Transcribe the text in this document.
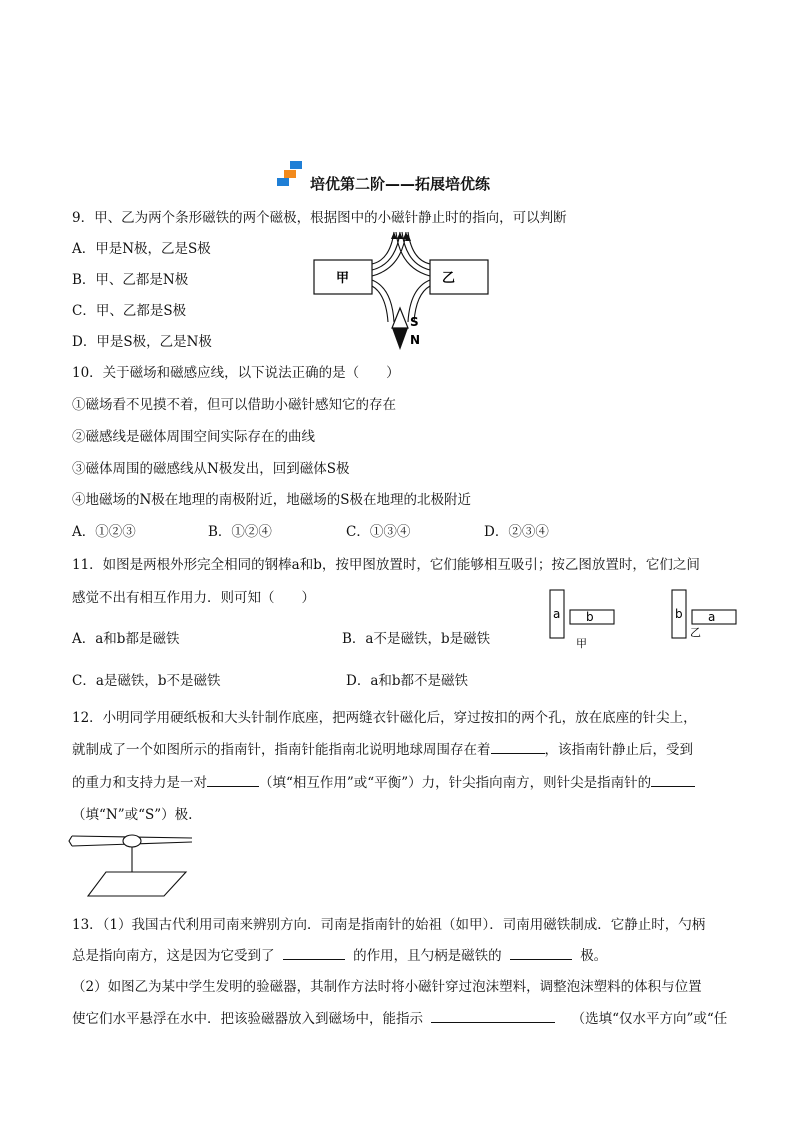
培优第二阶——拓展培优练
9．甲、乙为两个条形磁铁的两个磁极，根据图中的小磁针静止时的指向，可以判断
A．甲是N极，乙是S极
B．甲、乙都是N极
C．甲、乙都是S极
D．甲是S极，乙是N极
甲	乙
S
N
10．关于磁场和磁感应线，以下说法正确的是（　　）
①磁场看不见摸不着，但可以借助小磁针感知它的存在
②磁感线是磁体周围空间实际存在的曲线
③磁体周围的磁感线从N极发出，回到磁体S极
④地磁场的N极在地理的南极附近，地磁场的S极在地理的北极附近
A．①②③	B．①②④	C．①③④	D．②③④
11．如图是两根外形完全相同的钢棒a和b，按甲图放置时，它们能够相互吸引；按乙图放置时，它们之间
感觉不出有相互作用力．则可知（　　）
A．a和b都是磁铁	B．a不是磁铁，b是磁铁
C．a是磁铁，b不是磁铁	D．a和b都不是磁铁
a b
甲
b a
乙
12．小明同学用硬纸板和大头针制作底座，把两缝衣针磁化后，穿过按扣的两个孔，放在底座的针尖上，
就制成了一个如图所示的指南针，指南针能指南北说明地球周围存在着	，该指南针静止后，受到
的重力和支持力是一对	（填“相互作用”或“平衡”）力，针尖指向南方，则针尖是指南针的
（填“N”或“S”）极.
13．（1）我国古代利用司南来辨别方向．司南是指南针的始祖（如甲）．司南用磁铁制成．它静止时，勺柄
总是指向南方，这是因为它受到了	的作用，且勺柄是磁铁的	极。
（2）如图乙为某中学生发明的验磁器，其制作方法时将小磁针穿过泡沫塑料，调整泡沫塑料的体积与位置
使它们水平悬浮在水中．把该验磁器放入到磁场中，能指示	（选填“仅水平方向”或“任
